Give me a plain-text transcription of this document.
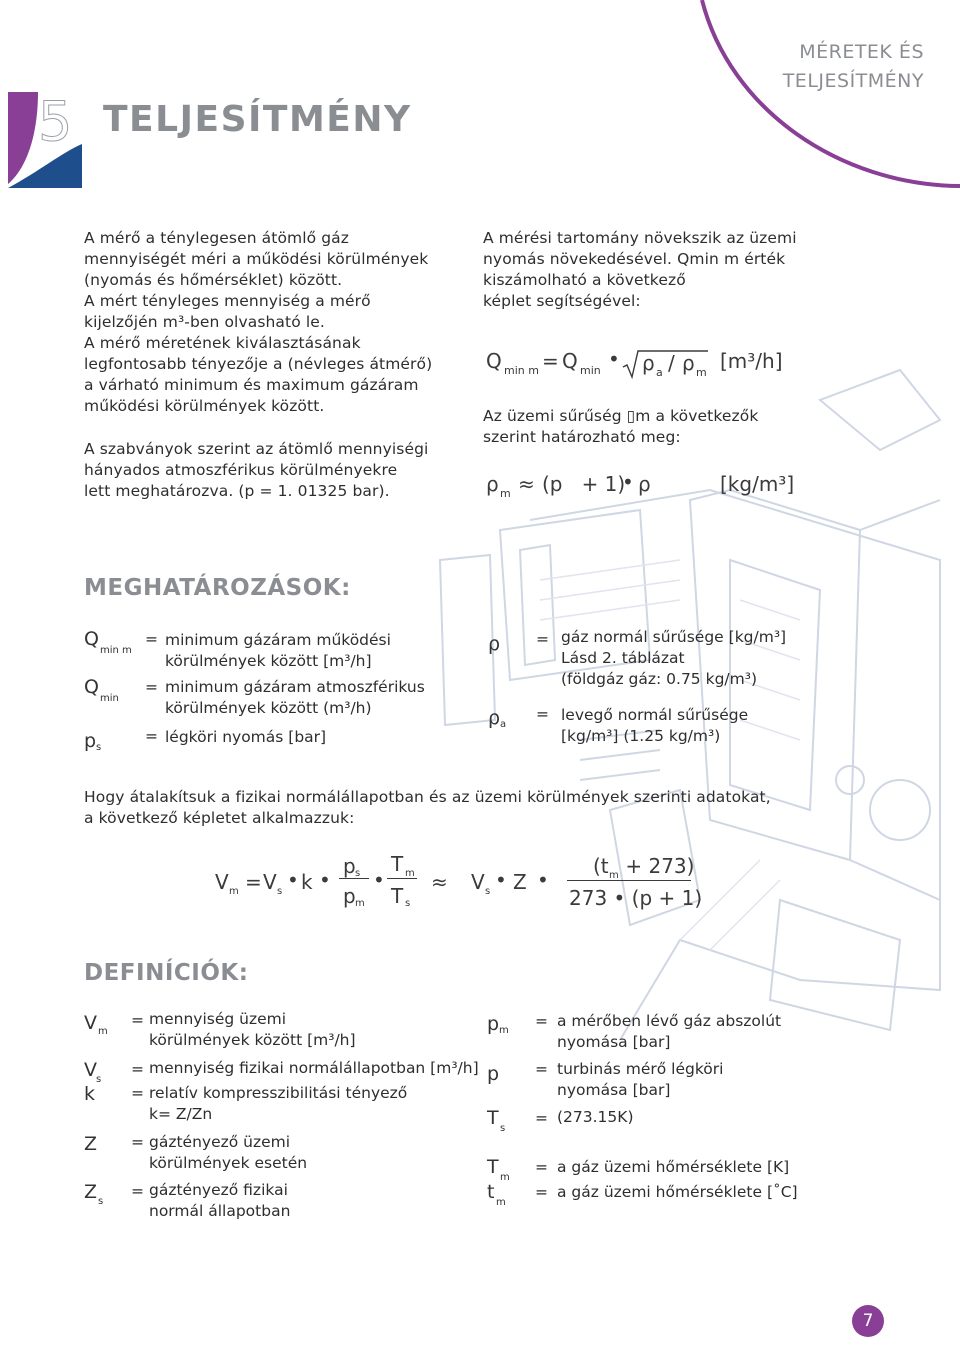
MÉRETEK ÉS
TELJESÍTMÉNY
5 TELJESÍTMÉNY
A mérő a ténylegesen átömlő gáz
mennyiségét méri a működési körülmények
(nyomás és hőmérséklet) között.
A mért tényleges mennyiség a mérő
kijelzőjén m³-ben olvasható le.
A mérő méretének kiválasztásának
legfontosabb tényezője a (névleges átmérő)
a várható minimum és maximum gázáram
működési körülmények között.
A szabványok szerint az átömlő mennyiségi
hányados atmoszférikus körülményekre
lett meghatározva. (p = 1. 01325 bar).
A mérési tartomány növekszik az üzemi
nyomás növekedésével. Qmin m érték
kiszámolható a következő
képlet segítségével:
Az üzemi sűrűség ▯m a következők
szerint határozható meg:
Q min m = Q min • ρ a / ρ m [m³/h]
ρ m ≈ (p   + 1)
• ρ	[kg/m³]
MEGHATÁROZÁSOK:
Q
min m
= minimum gázáram működési
körülmények között [m³/h]
Q
min
= minimum gázáram atmoszférikus
körülmények között (m³/h)
p s
= légköri nyomás [bar]
ρ = gáz normál sűrűsége [kg/m³]
Lásd 2. táblázat
(földgáz gáz: 0.75 kg/m³)
ρ a
= levegő normál sűrűsége
[kg/m³] (1.25 kg/m³)
Hogy átalakítsuk a fizikai normálállapotban és az üzemi körülmények szerinti adatokat,
a következő képletet alkalmazzuk:
V m = V s • k •
p s
p m
•
T m
T s
≈ V s • Z •
(t m + 273)
273 • (p + 1)
DEFINÍCIÓK:
V m
= mennyiség üzemi
körülmények között [m³/h]
V s
= mennyiség fizikai normálállapotban [m³/h]
k = relatív kompresszibilitási tényező
k= Z/Zn
Z = gáztényező üzemi
körülmények esetén
Z s
= gáztényező fizikai
normál állapotban
p m
= a mérőben lévő gáz abszolút
nyomása [bar]
p = turbinás mérő légköri
nyomása [bar]
T s
= (273.15K)
T m
= a gáz üzemi hőmérséklete [K]
t m
= a gáz üzemi hőmérséklete [˚C]
7
